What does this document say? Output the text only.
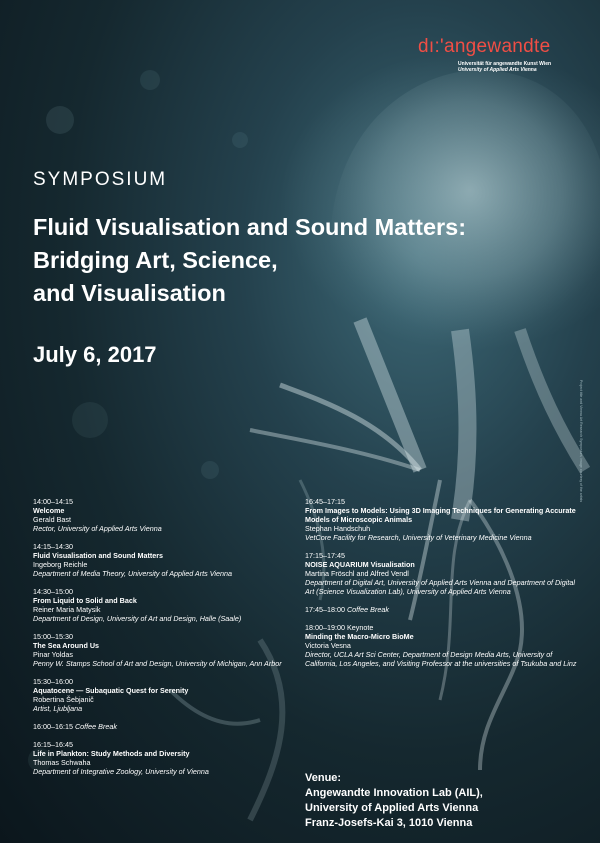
dı:'angewandte
Universität für angewandte Kunst Wien
University of Applied Arts Vienna
SYMPOSIUM
Fluid Visualisation and Sound Matters:
Bridging Art, Science,
and Visualisation
July 6, 2017
Project title and Vienna Art Research Symposium, image courtesy of the artists
14:00–14:15
Welcome
Gerald Bast
Rector, University of Applied Arts Vienna
14:15–14:30
Fluid Visualisation and Sound Matters
Ingeborg Reichle
Department of Media Theory, University of Applied Arts Vienna
14:30–15:00
From Liquid to Solid and Back
Reiner Maria Matysik
Department of Design, University of Art and Design, Halle (Saale)
15:00–15:30
The Sea Around Us
Pinar Yoldas
Penny W. Stamps School of Art and Design, University of Michigan, Ann Arbor
15:30–16:00
Aquatocene — Subaquatic Quest for Serenity
Robertina Šebjanič
Artist, Ljubljana
16:00–16:15 Coffee Break
16:15–16:45
Life in Plankton: Study Methods and Diversity
Thomas Schwaha
Department of Integrative Zoology, University of Vienna
16:45–17:15
From Images to Models: Using 3D Imaging Techniques for Generating Accurate Models of Microscopic Animals
Stephan Handschuh
VetCore Facility for Research, University of Veterinary Medicine Vienna
17:15–17:45
NOISE AQUARIUM Visualisation
Martina Fröschl and Alfred Vendl
Department of Digital Art, University of Applied Arts Vienna and Department of Digital Art (Science Visualization Lab), University of Applied Arts Vienna
17:45–18:00 Coffee Break
18:00–19:00 Keynote
Minding the Macro-Micro BioMe
Victoria Vesna
Director, UCLA Art Sci Center, Department of Design Media Arts, University of California, Los Angeles, and Visiting Professor at the universities of Tsukuba and Linz
Venue:
Angewandte Innovation Lab (AIL),
University of Applied Arts Vienna
Franz-Josefs-Kai 3, 1010 Vienna
